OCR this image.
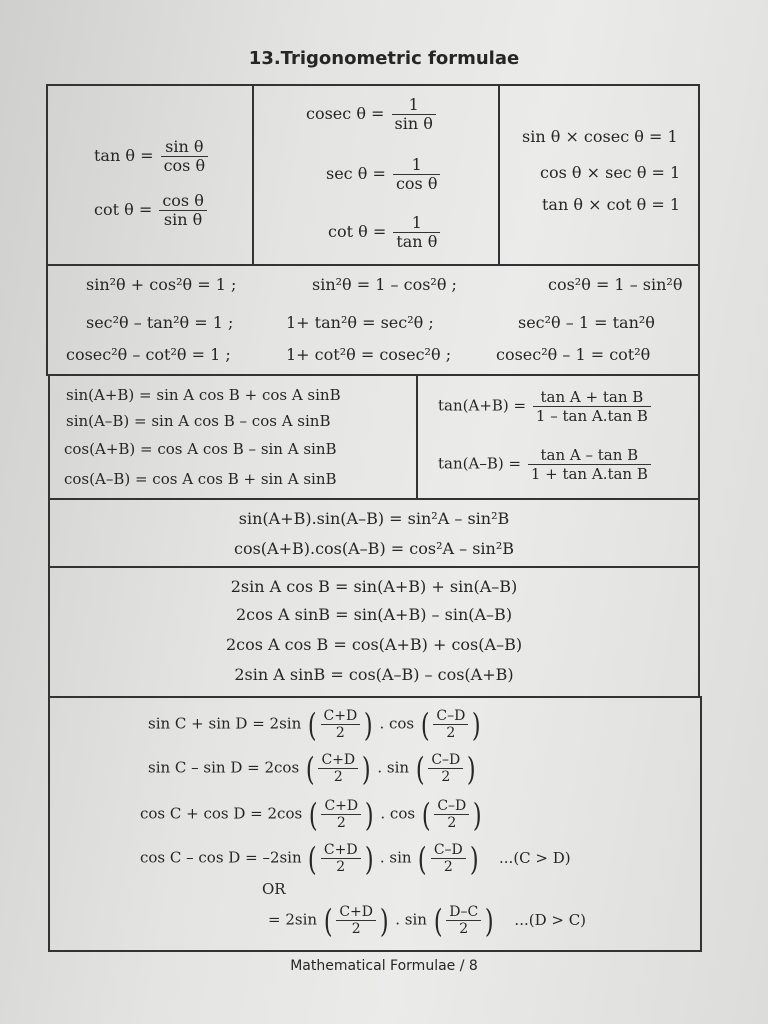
13.Trigonometric formulae
$\tan \theta = \frac{\text{sin θ}}{\text{cos θ}}$
$\cot \theta = \frac{\text{cos θ}}{\text{sin θ}}$
cosec $\theta = \frac{1}{\text{sin θ}}$
$\sec \theta = \frac{1}{\text{cos θ}}$
$\cot \theta = \frac{1}{\text{tan θ}}$
sin θ × cosec θ = 1
cos θ × sec θ = 1
tan θ × cot θ = 1
sin²θ + cos²θ = 1 ;	sin²θ = 1 – cos²θ ;	cos²θ = 1 – sin²θ
sec²θ – tan²θ = 1 ;	1+ tan²θ = sec²θ ;	sec²θ – 1 = tan²θ
cosec²θ – cot²θ = 1 ;	1+ cot²θ = cosec²θ ;	cosec²θ – 1 = cot²θ
sin(A+B) = sin A cos B + cos A sinB
sin(A–B) = sin A cos B – cos A sinB
cos(A+B) = cos A cos B – sin A sinB
cos(A–B) = cos A cos B + sin A sinB
$\tan(A+B) = \frac{\text{tan A + tan B}}{\text{1 – tan A.tan B}}$
$\tan(A-B) = \frac{\text{tan A – tan B}}{\text{1 + tan A.tan B}}$
sin(A+B).sin(A–B) = sin²A – sin²B
cos(A+B).cos(A–B) = cos²A – sin²B
2sin A cos B = sin(A+B) + sin(A–B)
2cos A sinB = sin(A+B) – sin(A–B)
2cos A cos B = cos(A+B) + cos(A–B)
2sin A sinB = cos(A–B) – cos(A+B)
sin C + sin D = 2sin ( $\frac{C+D}{2}$ ) . cos ( $\frac{C-D}{2}$ )
sin C – sin D = 2cos ( $\frac{C+D}{2}$ ) . sin ( $\frac{C-D}{2}$ )
cos C + cos D = 2cos ( $\frac{C+D}{2}$ ) . cos ( $\frac{C-D}{2}$ )
cos C – cos D = –2sin ( $\frac{C+D}{2}$ ) . sin ( $\frac{C-D}{2}$ ) ...(C > D)
OR
= 2sin ( $\frac{C+D}{2}$ ) . sin ( $\frac{D-C}{2}$ ) ...(D > C)
Mathematical Formulae / 8
